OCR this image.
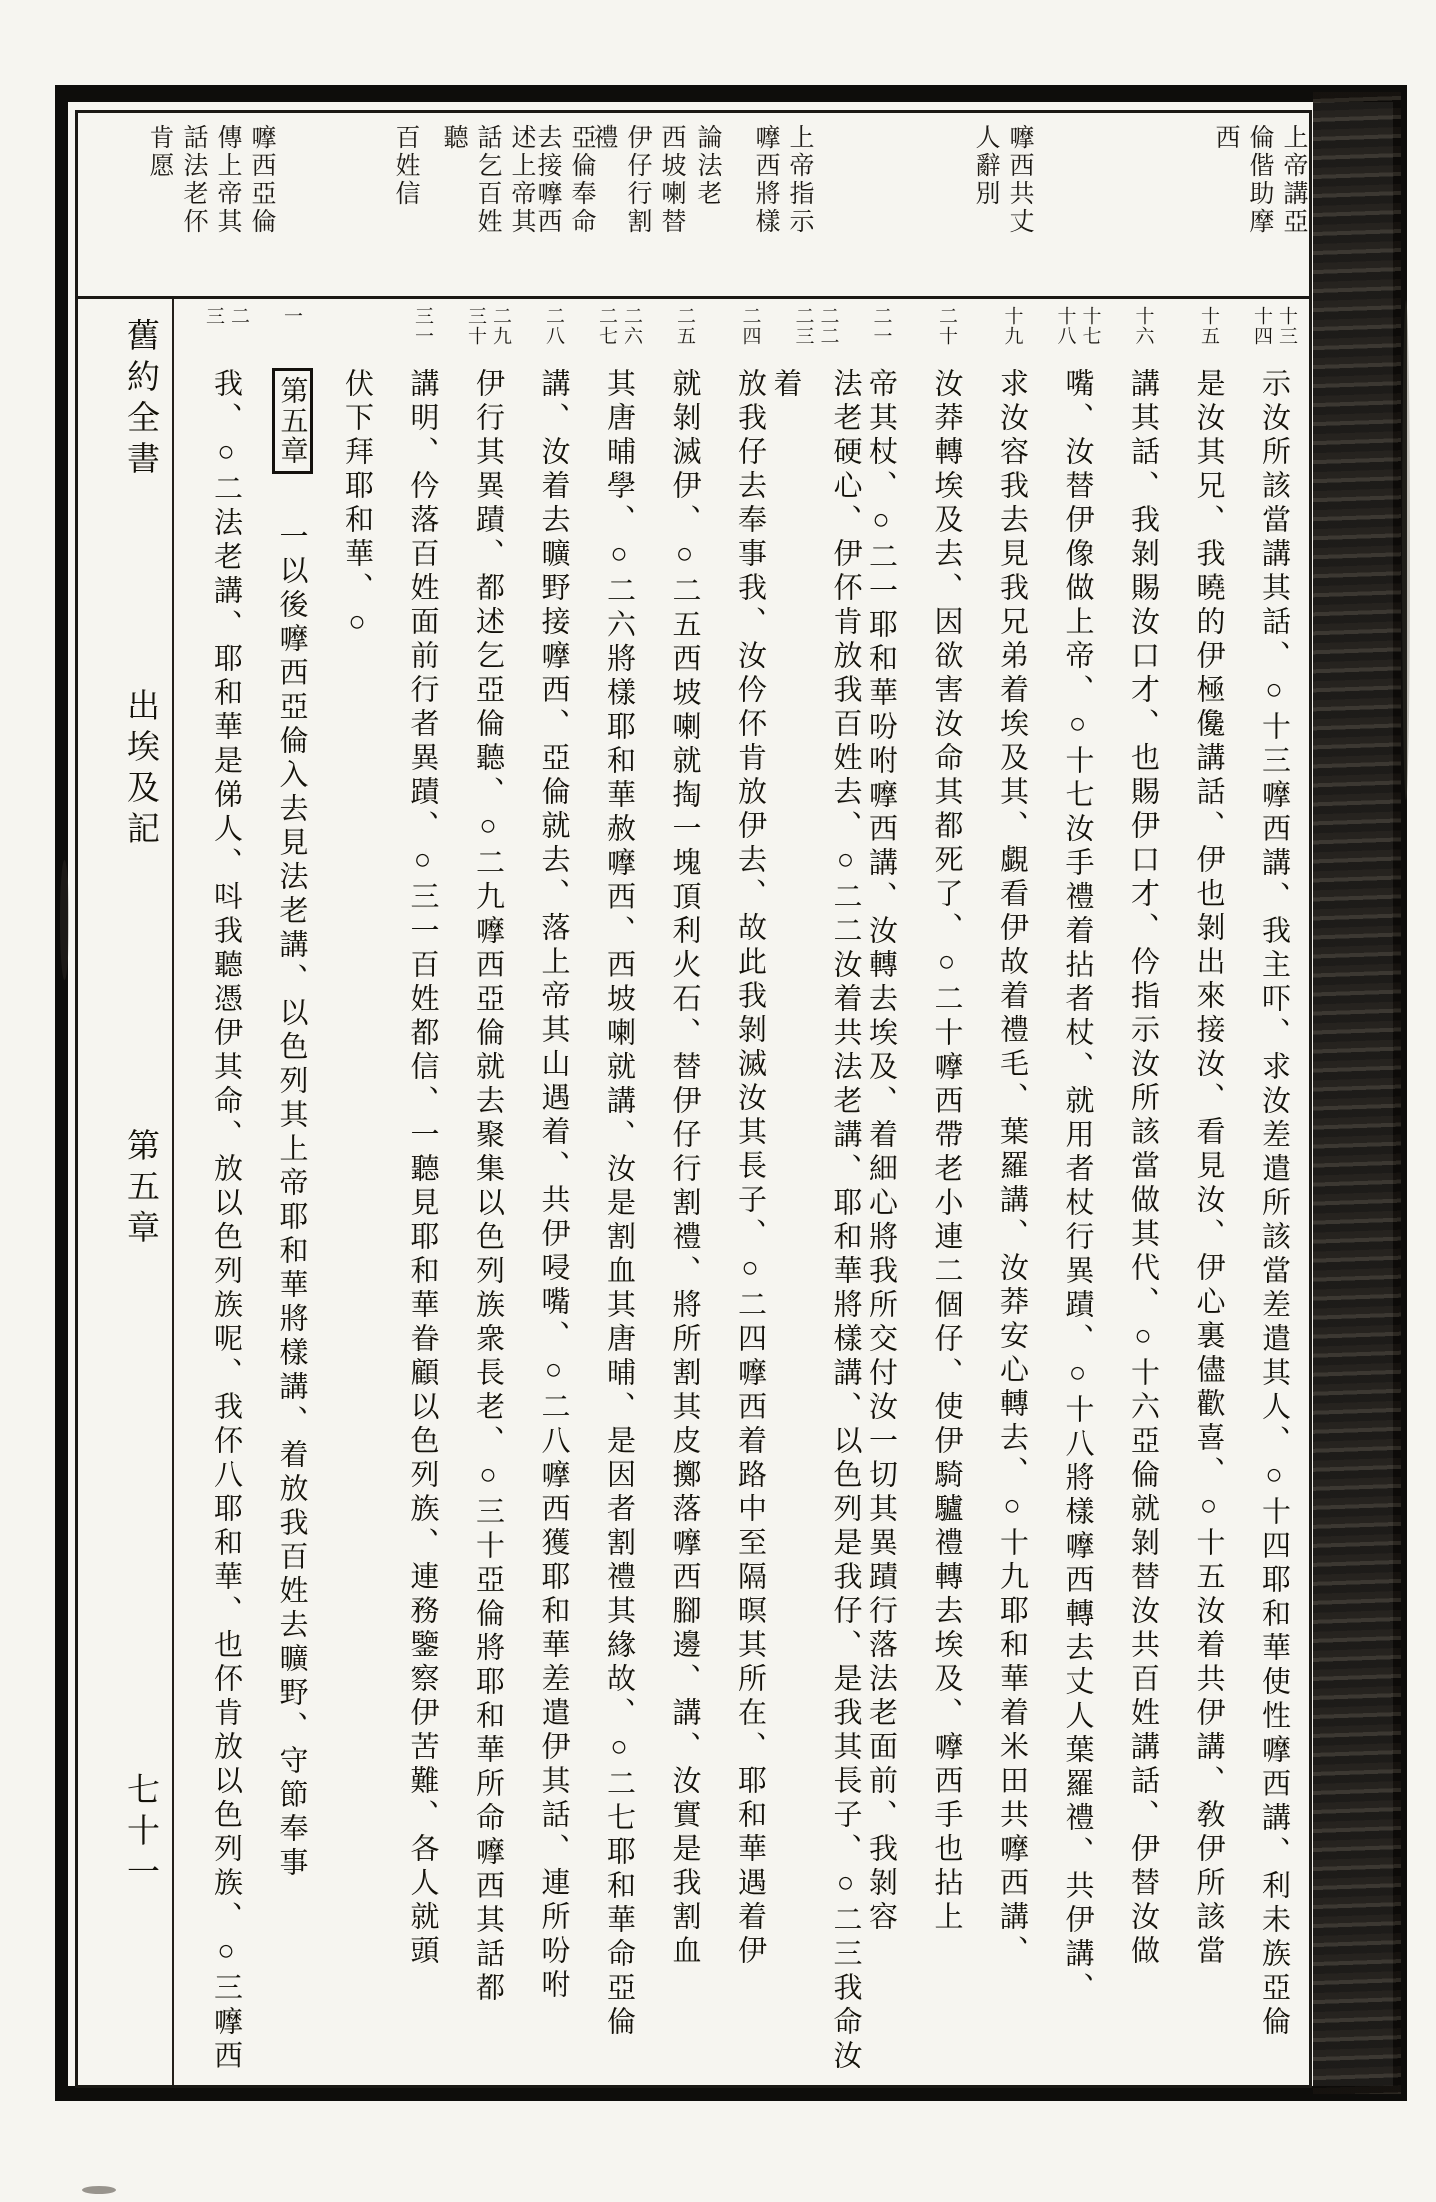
上帝講亞
倫偕助摩
西
嚤西共丈
人辭別
上帝指示
嚤西將樣
論法老
西坡喇替
伊仔行割
禮
亞倫奉命
去接嚤西
述上帝其
話乞百姓
聽
百姓信
嚤西亞倫
傳上帝其
話法老伓
肯愿
十三
十四
示汝所該當講其話、○十三嚤西講、我主吓、求汝差遣所該當差遣其人、○十四耶和華使性嚤西講、利未族亞倫
十五
是汝其兄、我曉的伊極儳講話、伊也剝出來接汝、看見汝、伊心裏儘歡喜、○十五汝着共伊講、敎伊所該當
十六
講其話、我剝賜汝口才、也賜伊口才、仱指示汝所該當做其代、○十六亞倫就剝替汝共百姓講話、伊替汝做
十七
十八
嘴、汝替伊像做上帝、○十七汝手禮着拈者杖、就用者杖行異蹟、○十八將樣嚤西轉去丈人葉羅禮、共伊講、
十九
求汝容我去見我兄弟着埃及其、覷看伊故着禮毛、葉羅講、汝莽安心轉去、○十九耶和華着米田共嚤西講、
二十
汝莽轉埃及去、因欲害汝命其都死了、○二十嚤西帶老小連二個仔、使伊騎驢禮轉去埃及、嚤西手也拈上
二一
帝其杖、○二一耶和華吩咐嚤西講、汝轉去埃及、着細心將我所交付汝一切其異蹟行落法老面前、我剝容
二二
二三
法老硬心、伊伓肯放我百姓去、○二二汝着共法老講、耶和華將樣講、以色列是我仔、是我其長子、○二三我命汝着
二四
放我仔去奉事我、汝仱伓肯放伊去、故此我剝滅汝其長子、○二四嚤西着路中至隔暝其所在、耶和華遇着伊
二五
就剝滅伊、○二五西坡喇就掏一塊頂利火石、替伊仔行割禮、將所割其皮擲落嚤西腳邊、講、汝實是我割血
二六
二七
其唐晡學、○二六將樣耶和華赦嚤西、西坡喇就講、汝是割血其唐晡、是因者割禮其緣故、○二七耶和華命亞倫
二八
講、汝着去曠野接嚤西、亞倫就去、落上帝其山遇着、共伊唚嘴、○二八嚤西獲耶和華差遣伊其話、連所吩咐
二九
三十
伊行其異蹟、都述乞亞倫聽、○二九嚤西亞倫就去聚集以色列族衆長老、○三十亞倫將耶和華所命嚤西其話都
三一
講明、仱落百姓面前行者異蹟、○三一百姓都信、一聽見耶和華眷顧以色列族、連務鑒察伊苦難、各人就頭
伏下拜耶和華、○
一
第五章 一以後嚤西亞倫入去見法老講、以色列其上帝耶和華將樣講、着放我百姓去曠野、守節奉事
二
三
我、○二法老講、耶和華是俤人、呌我聽憑伊其命、放以色列族呢、我伓八耶和華、也伓肯放以色列族、○三嚤西
舊約全書
出埃及記
第五章
七十一
